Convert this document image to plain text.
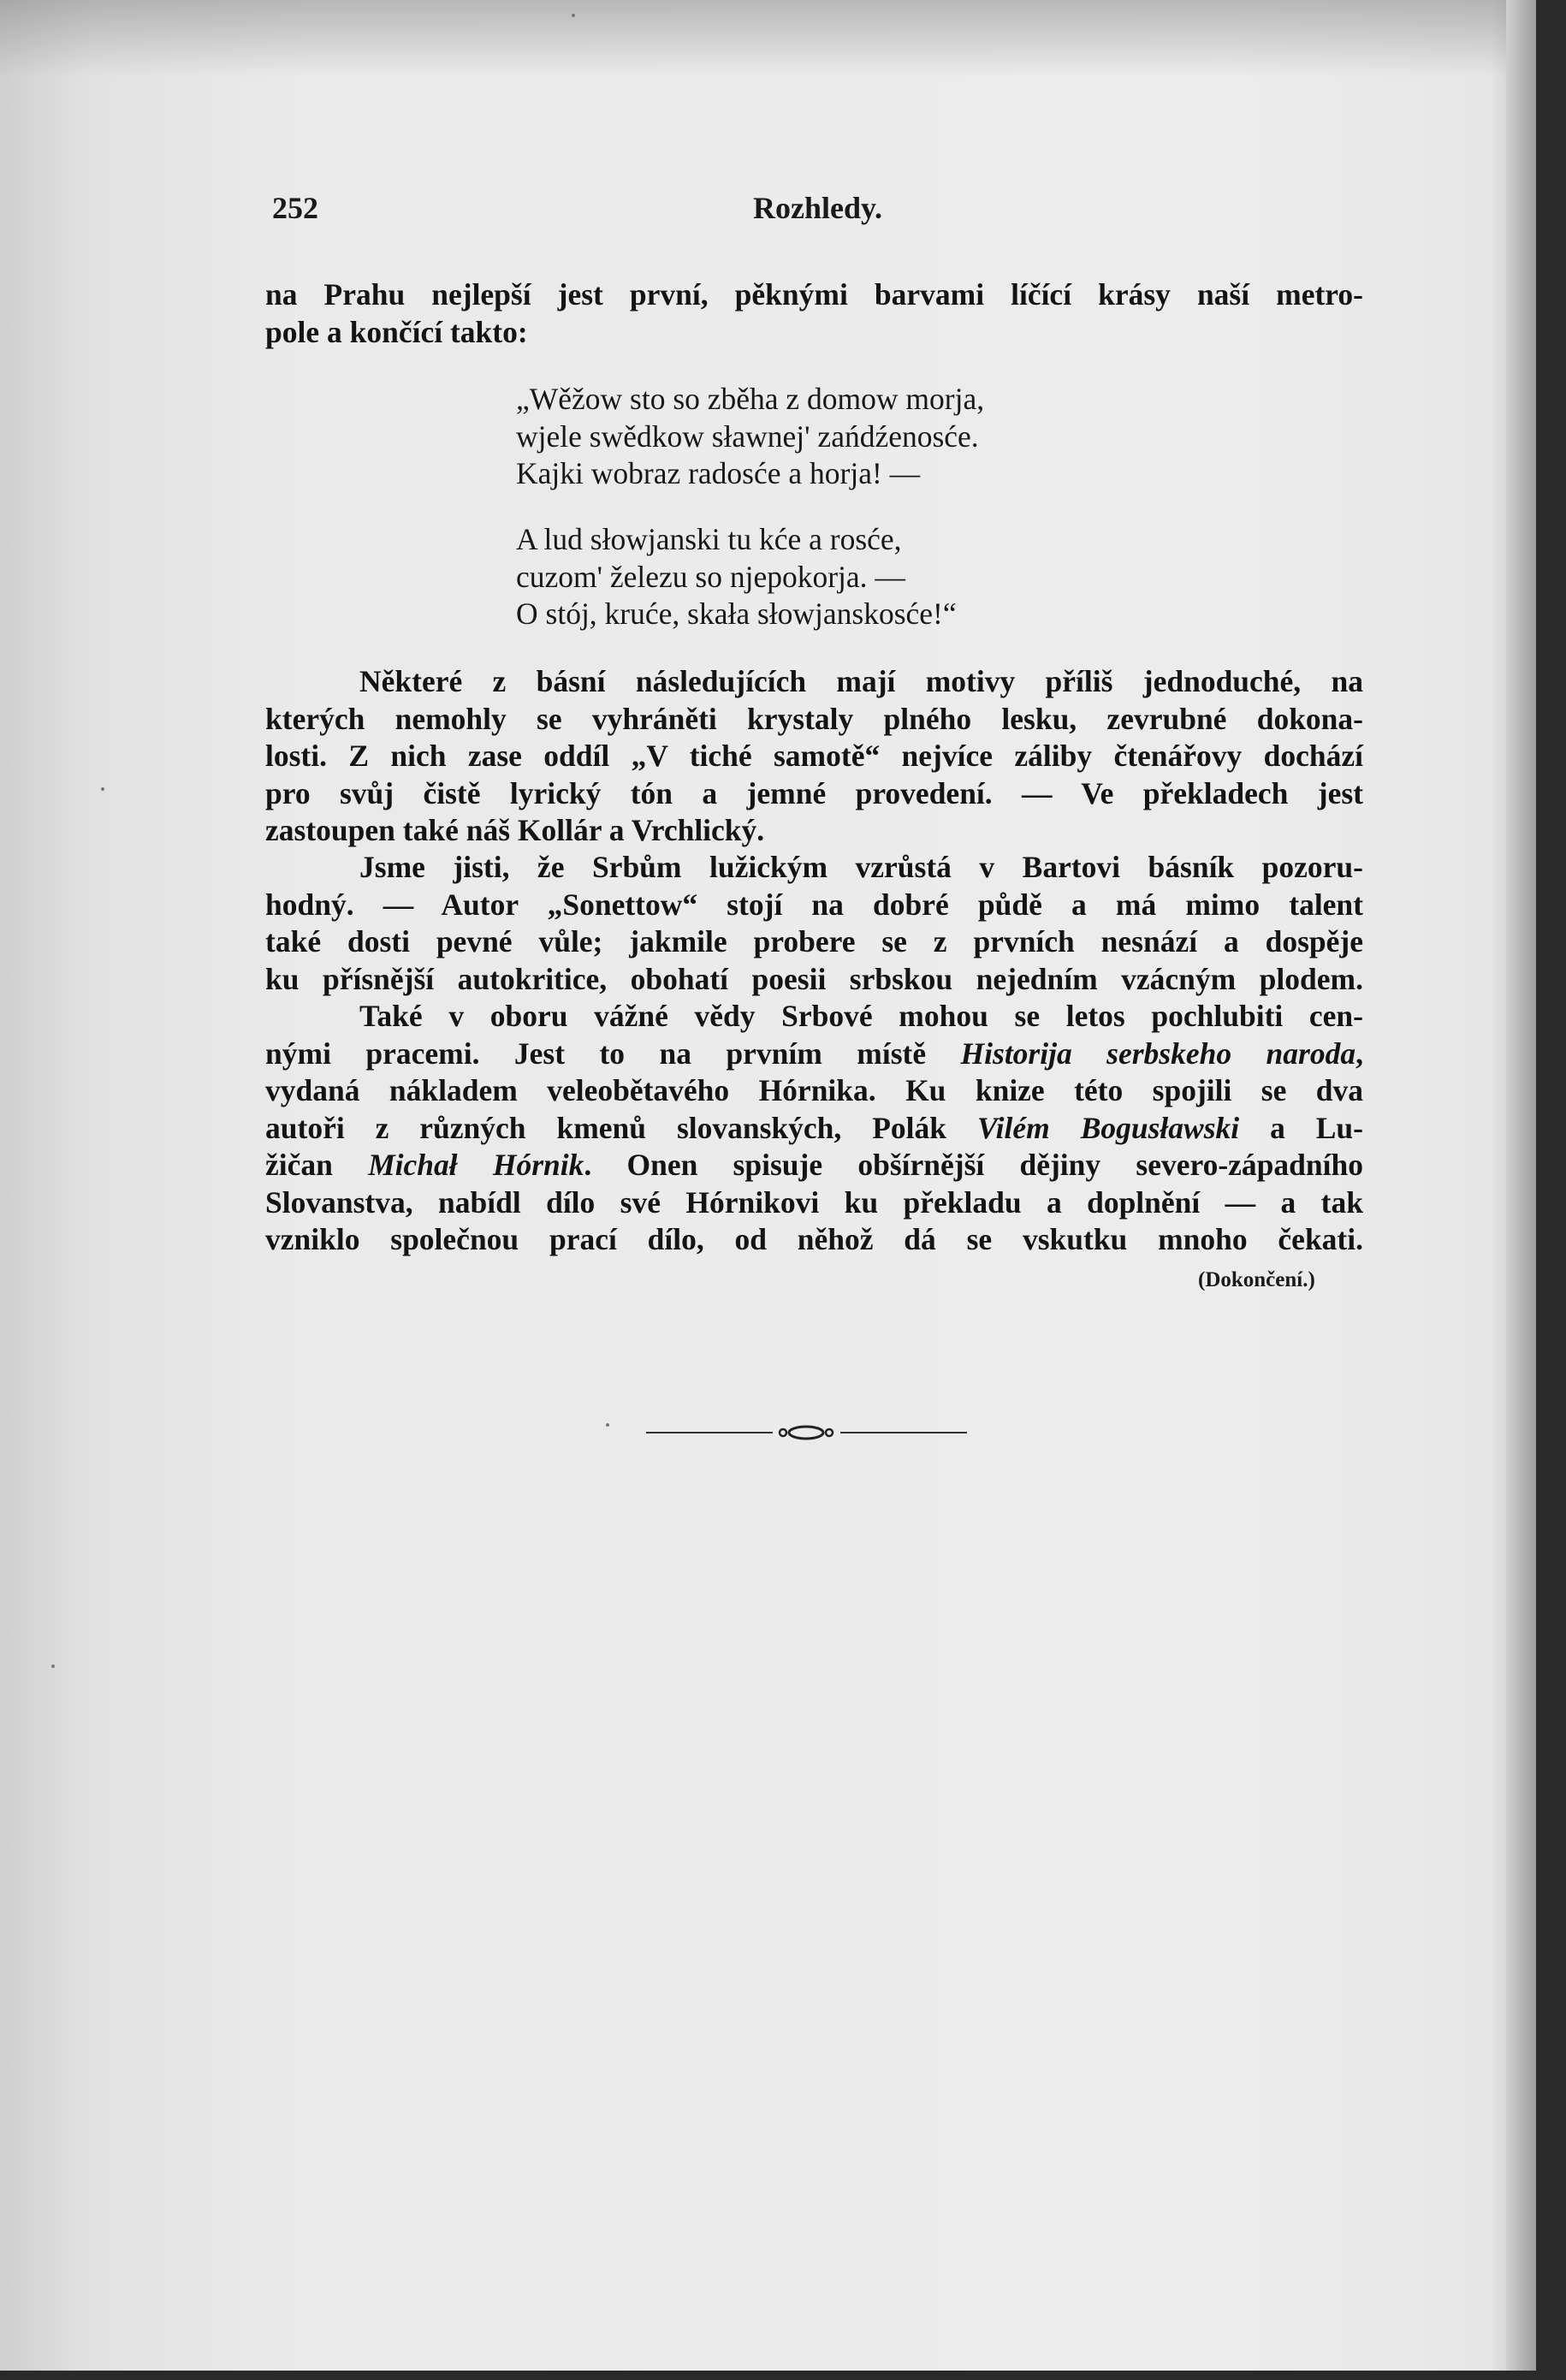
252	Rozhledy.
na Prahu nejlepší jest první, pěknými barvami líčící krásy naší metro-
pole a končící takto:
„Wěžow sto so zběha z domow morja,
wjele swědkow sławnej' zańdźenosće.
Kajki wobraz radosće a horja! —
A lud słowjanski tu kće a rosće,
cuzom' železu so njepokorja. —
O stój, kruće, skała słowjanskosće!“
Některé z básní následujících mají motivy příliš jednoduché, na
kterých nemohly se vyhráněti krystaly plného lesku, zevrubné dokona-
losti. Z nich zase oddíl „V tiché samotě“ nejvíce záliby čtenářovy dochází
pro svůj čistě lyrický tón a jemné provedení. — Ve překladech jest
zastoupen také náš Kollár a Vrchlický.
Jsme jisti, že Srbům lužickým vzrůstá v Bartovi básník pozoru-
hodný. — Autor „Sonettow“ stojí na dobré půdě a má mimo talent
také dosti pevné vůle; jakmile probere se z prvních nesnází a dospěje
ku přísnější autokritice, obohatí poesii srbskou nejedním vzácným plodem.
Také v oboru vážné vědy Srbové mohou se letos pochlubiti cen-
nými pracemi. Jest to na prvním místě Historija serbskeho naroda,
vydaná nákladem veleobětavého Hórnika. Ku knize této spojili se dva
autoři z různých kmenů slovanských, Polák Vilém Bogusławski a Lu-
žičan Michał Hórnik. Onen spisuje obšírnější dějiny severo-západního
Slovanstva, nabídl dílo své Hórnikovi ku překladu a doplnění — a tak
vzniklo společnou prací dílo, od něhož dá se vskutku mnoho čekati.
(Dokončení.)
